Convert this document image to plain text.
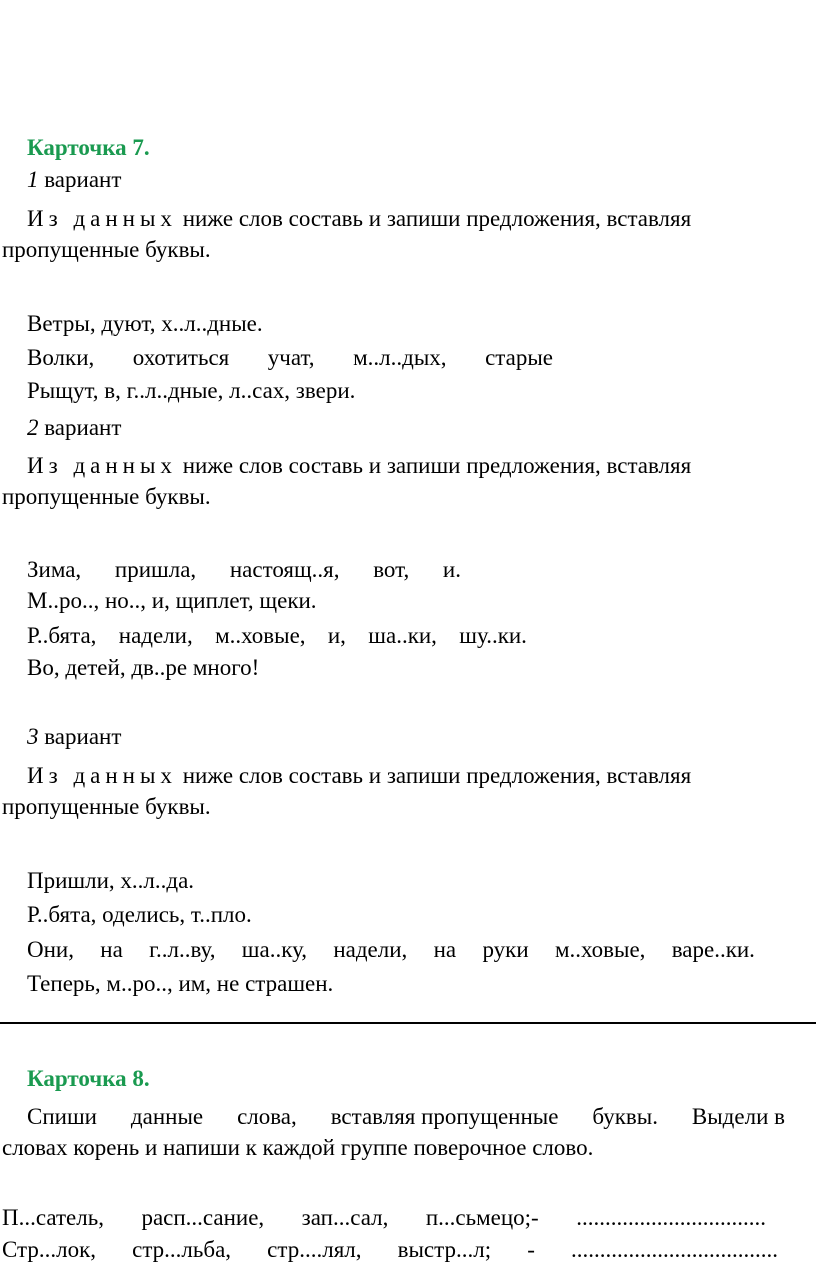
Карточка 7.
1 вариант
Из данных ниже слов составь и запиши предложения, вставляя
пропущенные буквы.
Ветры, дуют, х..л..дные.
Волки, охотиться учат, м..л..дых, старые
Рыщут, в, г..л..дные, л..сах, звери.
2 вариант
Из данных ниже слов составь и запиши предложения, вставляя
пропущенные буквы.
Зима, пришла, настоящ..я, вот, и.
М..ро.., но.., и, щиплет, щеки.
Р..бята, надели, м..ховые, и, ша..ки, шу..ки.
Во, детей, дв..ре много!
3 вариант
Из данных ниже слов составь и запиши предложения, вставляя
пропущенные буквы.
Пришли, х..л..да.
Р..бята, оделись, т..пло.
Они, на г..л..ву, ша..ку, надели, на руки м..ховые, варе..ки.
Теперь, м..ро.., им, не страшен.
Карточка 8.
Спиши данные слова, вставляя пропущенные буквы. Выдели в
словах корень и напиши к каждой группе поверочное слово.
П...сатель, расп...сание, зап...сал, п...сьмецо;- .................................
Стр...лок, стр...льба, стр....лял, выстр...л; - ....................................
